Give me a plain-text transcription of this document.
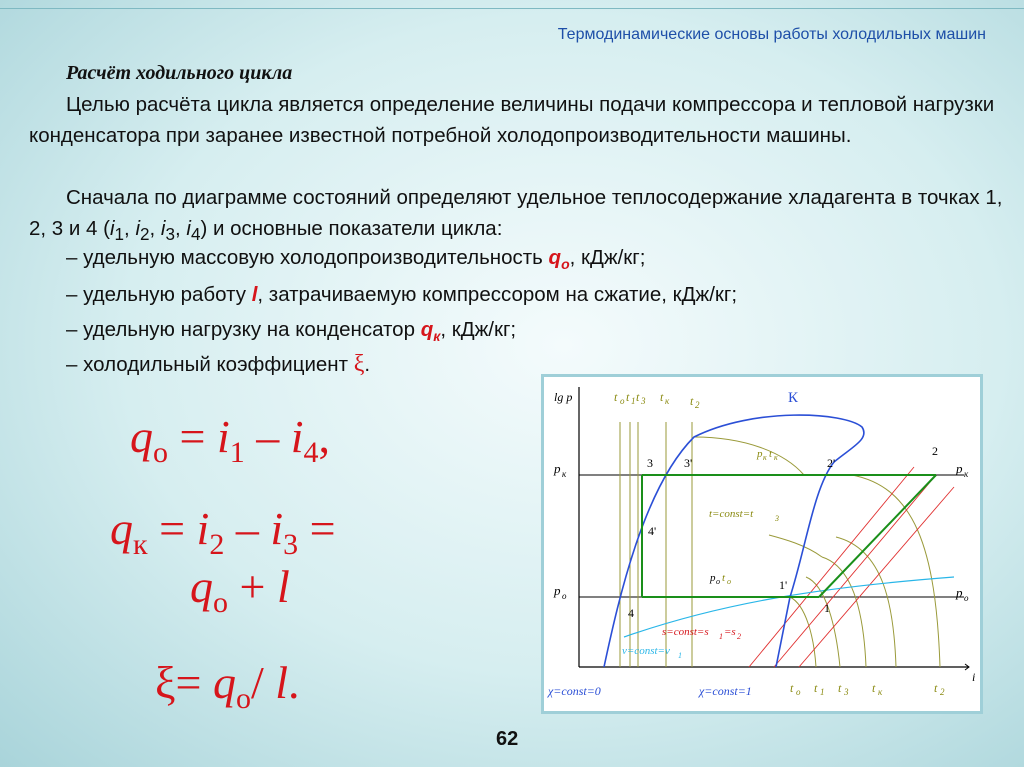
Термодинамические основы работы холодильных машин
Расчёт ходильного цикла
Целью расчёта цикла является определение величины подачи компрессора и тепловой нагрузки конденсатора при заранее известной потребной холодопроизводительности машины.
Сначала по диаграмме состояний определяют удельное теплосодержание хладагента в точках 1, 2, 3 и 4 ($i_1$, $i_2$, $i_3$, $i_4$) и основные показатели цикла:
– удельную массовую холодопроизводительность $q_о$, кДж/кг;
– удельную работу l, затрачиваемую компрессором на сжатие, кДж/кг;
– удельную нагрузку на конденсатор $q_к$, кДж/кг;
– холодильный коэффициент ξ.
$q_о = i_1 - i_4$,
$q_к = i_2 - i_3$ =
$q_о + l$
$\xi= q_о/$ l.
lg p
i
t о t 1 t 3 t к t 2	К
p к
p о
p к
p о
1
1'
2
2'
3	3'
4
4'
p к t к
p о t о
t=const=t	3
s=const=s 1 =s 2
v=const=v 1
χ=const=0	χ=const=1	t о t 1 t 3 t к	t 2
62
